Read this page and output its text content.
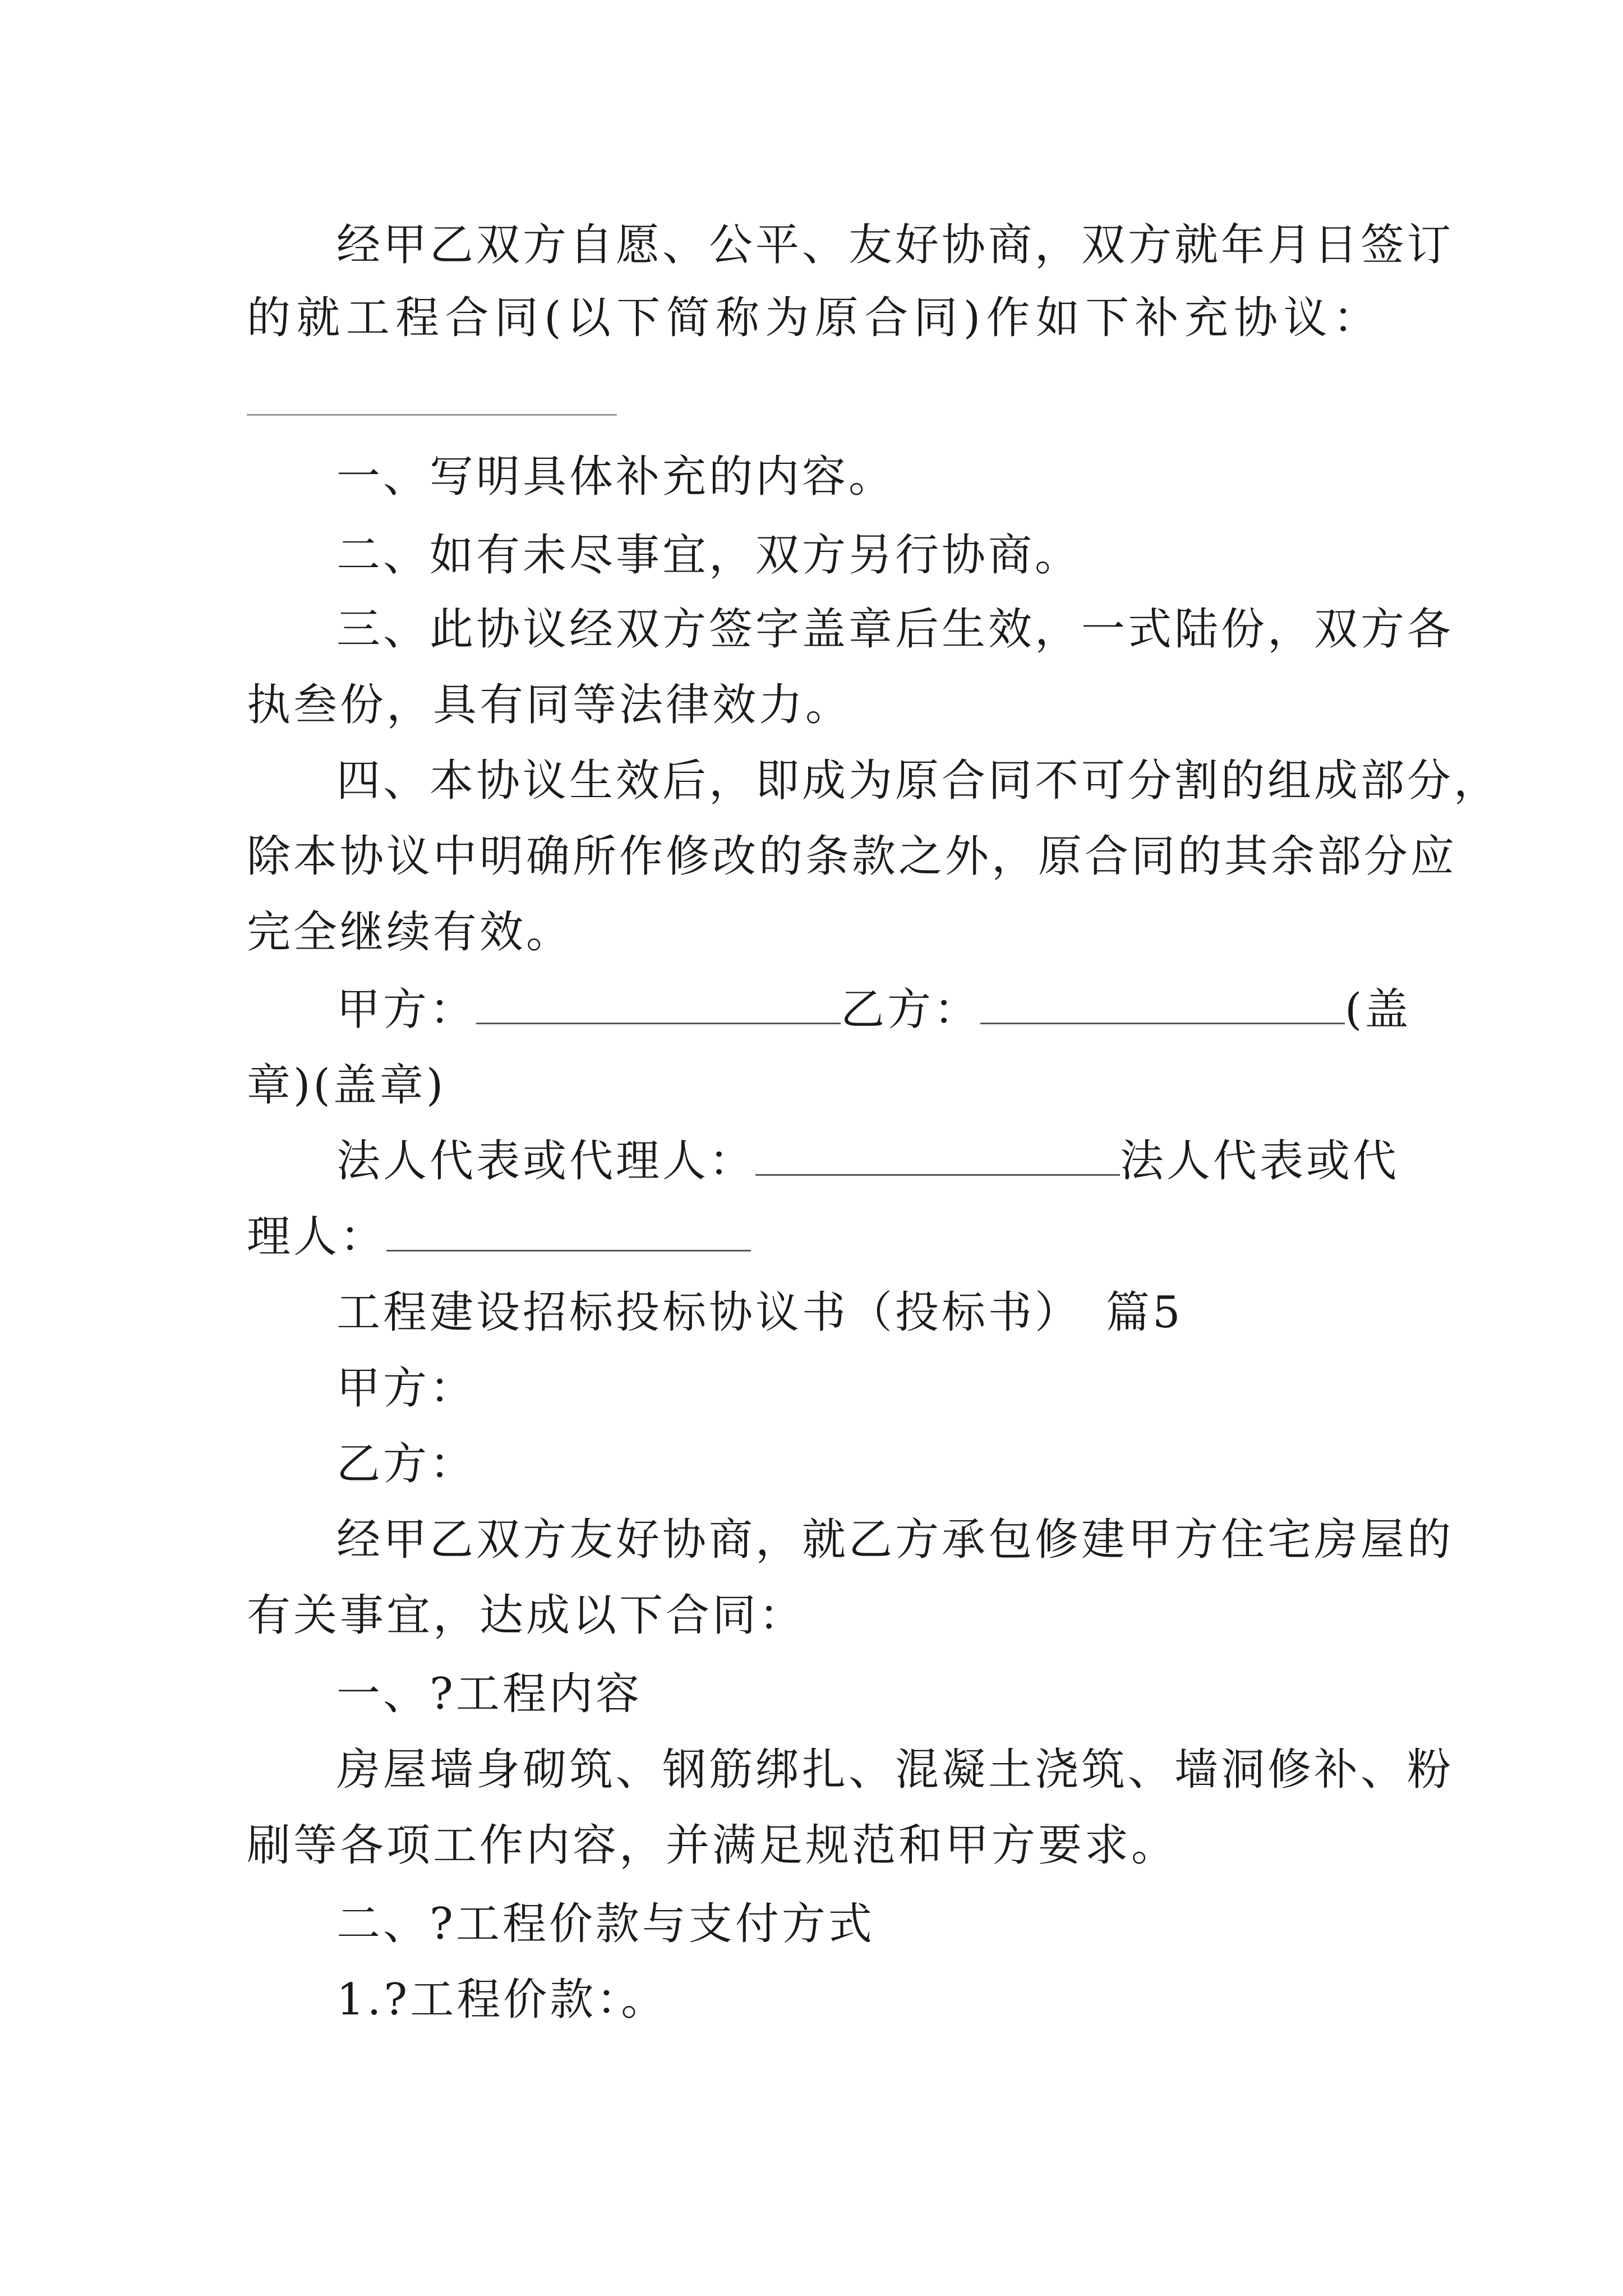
经甲乙双方自愿、公平、友好协商，双方就年月日签订
的就工程合同(以下简称为原合同)作如下补充协议：
一、写明具体补充的内容。
二、如有未尽事宜，双方另行协商。
三、此协议经双方签字盖章后生效，一式陆份，双方各
执叁份，具有同等法律效力。
四、本协议生效后，即成为原合同不可分割的组成部分，
除本协议中明确所作修改的条款之外，原合同的其余部分应
完全继续有效。
甲方：	乙方：	(盖
章)(盖章)
法人代表或代理人：	法人代表或代
理人：
工程建设招标投标协议书（投标书）　篇5
甲方：
乙方：
经甲乙双方友好协商，就乙方承包修建甲方住宅房屋的
有关事宜，达成以下合同：
一、?工程内容
房屋墙身砌筑、钢筋绑扎、混凝土浇筑、墙洞修补、粉
刷等各项工作内容，并满足规范和甲方要求。
二、?工程价款与支付方式
1.?工程价款：。
